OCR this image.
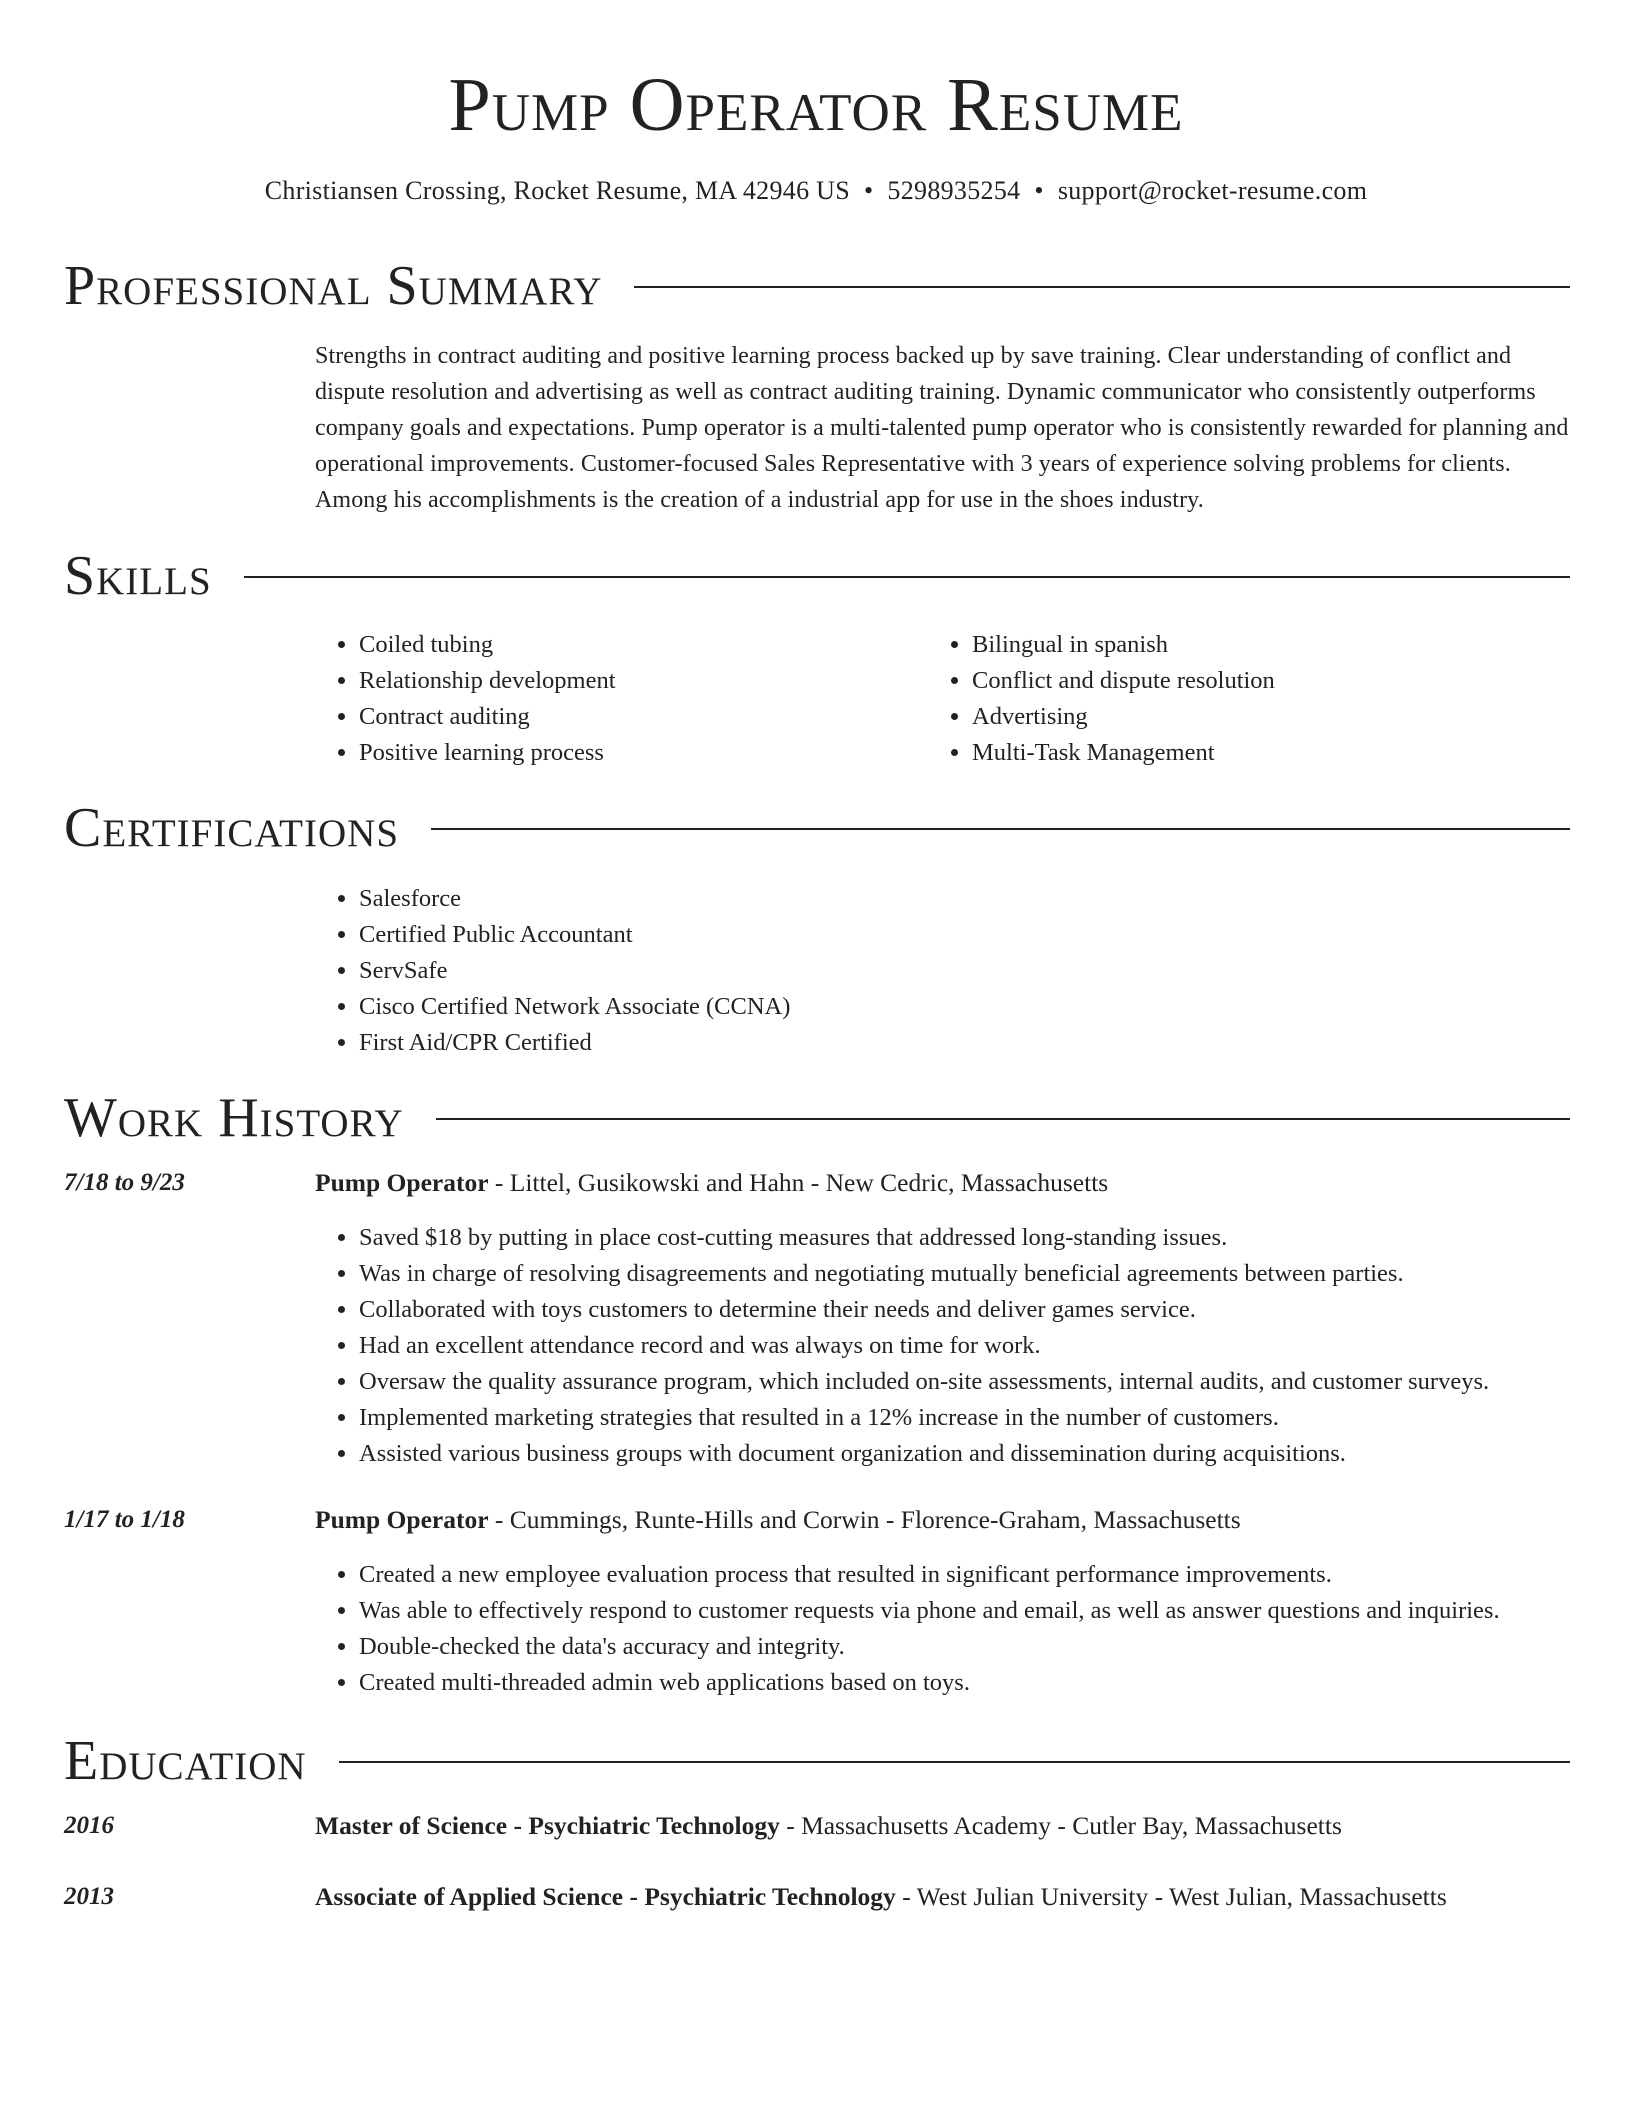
Pump Operator Resume
Christiansen Crossing, Rocket Resume, MA 42946 US • 5298935254 • support@rocket-resume.com
Professional Summary

Strengths in contract auditing and positive learning process backed up by save training. Clear understanding of conflict and dispute resolution and advertising as well as contract auditing training. Dynamic communicator who consistently outperforms company goals and expectations. Pump operator is a multi-talented pump operator who is consistently rewarded for planning and operational improvements. Customer-focused Sales Representative with 3 years of experience solving problems for clients. Among his accomplishments is the creation of a industrial app for use in the shoes industry.

Skills
• Coiled tubing
• Relationship development
• Contract auditing
• Positive learning process
• Bilingual in spanish
• Conflict and dispute resolution
• Advertising
• Multi-Task Management
Certifications
• Salesforce
• Certified Public Accountant
• ServSafe
• Cisco Certified Network Associate (CCNA)
• First Aid/CPR Certified
Work History
7/18 to 9/23	Pump Operator - Littel, Gusikowski and Hahn - New Cedric, Massachusetts
• Saved $18 by putting in place cost-cutting measures that addressed long-standing issues.
• Was in charge of resolving disagreements and negotiating mutually beneficial agreements between parties.
• Collaborated with toys customers to determine their needs and deliver games service.
• Had an excellent attendance record and was always on time for work.
• Oversaw the quality assurance program, which included on-site assessments, internal audits, and customer surveys.
• Implemented marketing strategies that resulted in a 12% increase in the number of customers.
• Assisted various business groups with document organization and dissemination during acquisitions.
1/17 to 1/18	Pump Operator - Cummings, Runte-Hills and Corwin - Florence-Graham, Massachusetts
• Created a new employee evaluation process that resulted in significant performance improvements.
• Was able to effectively respond to customer requests via phone and email, as well as answer questions and inquiries.
• Double-checked the data's accuracy and integrity.
• Created multi-threaded admin web applications based on toys.
Education
2016	Master of Science - Psychiatric Technology - Massachusetts Academy - Cutler Bay, Massachusetts
2013	Associate of Applied Science - Psychiatric Technology - West Julian University - West Julian, Massachusetts
